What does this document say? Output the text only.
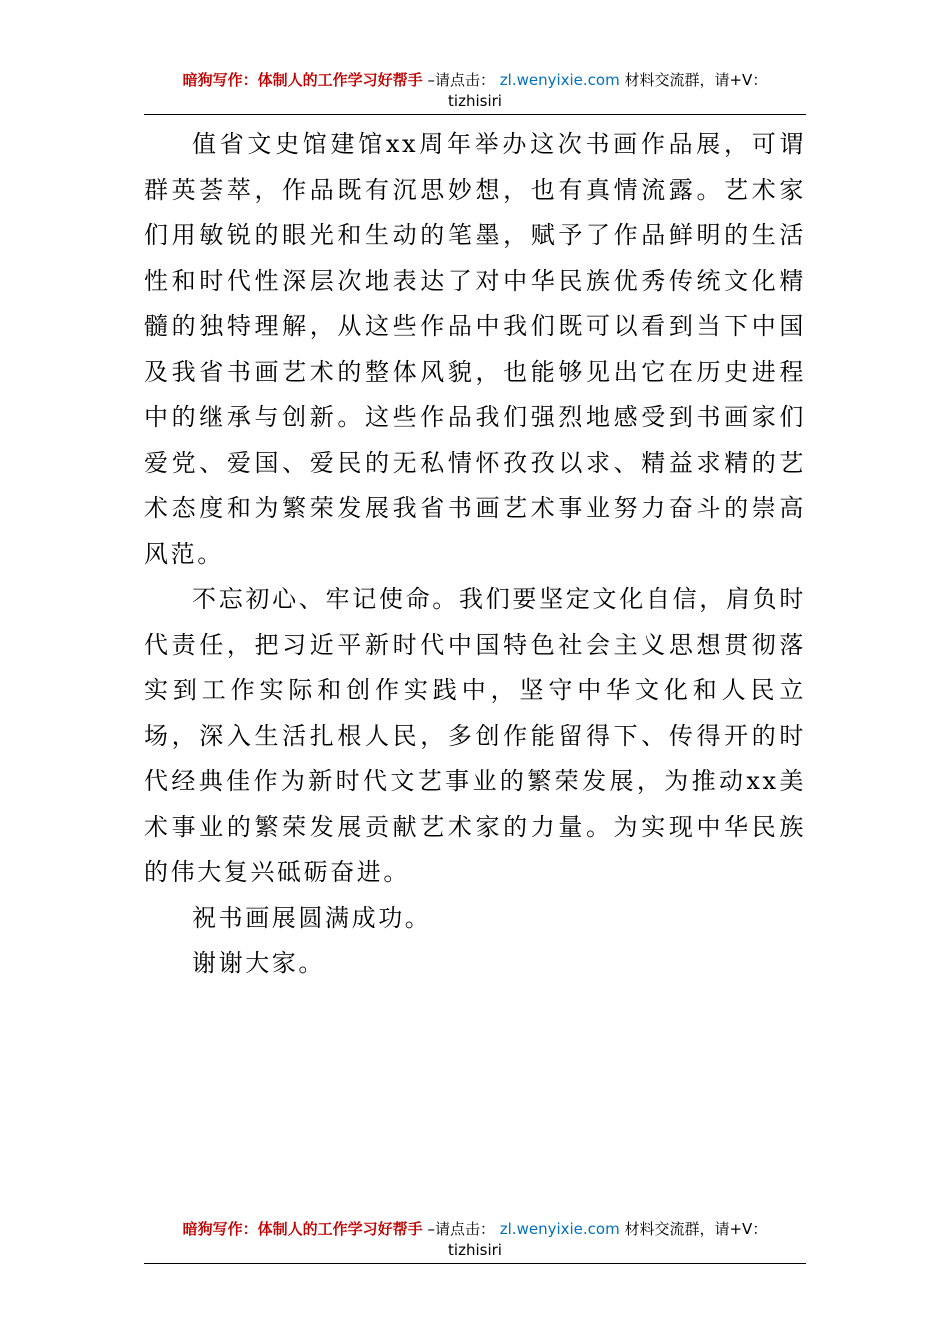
暗狗写作：体制人的工作学习好帮手 –请点击： zl.wenyixie.com 材料交流群，请+V：
tizhisiri

值省文史馆建馆xx周年举办这次书画作品展，可谓群英荟萃，作品既有沉思妙想，也有真情流露。艺术家们用敏锐的眼光和生动的笔墨，赋予了作品鲜明的生活性和时代性深层次地表达了对中华民族优秀传统文化精髓的独特理解，从这些作品中我们既可以看到当下中国及我省书画艺术的整体风貌，也能够见出它在历史进程中的继承与创新。这些作品我们强烈地感受到书画家们爱党、爱国、爱民的无私情怀孜孜以求、精益求精的艺术态度和为繁荣发展我省书画艺术事业努力奋斗的崇高风范。

不忘初心、牢记使命。我们要坚定文化自信，肩负时代责任，把习近平新时代中国特色社会主义思想贯彻落实到工作实际和创作实践中，坚守中华文化和人民立场，深入生活扎根人民，多创作能留得下、传得开的时代经典佳作为新时代文艺事业的繁荣发展，为推动xx美术事业的繁荣发展贡献艺术家的力量。为实现中华民族的伟大复兴砥砺奋进。

祝书画展圆满成功。

谢谢大家。

暗狗写作：体制人的工作学习好帮手 –请点击： zl.wenyixie.com 材料交流群，请+V：
tizhisiri
